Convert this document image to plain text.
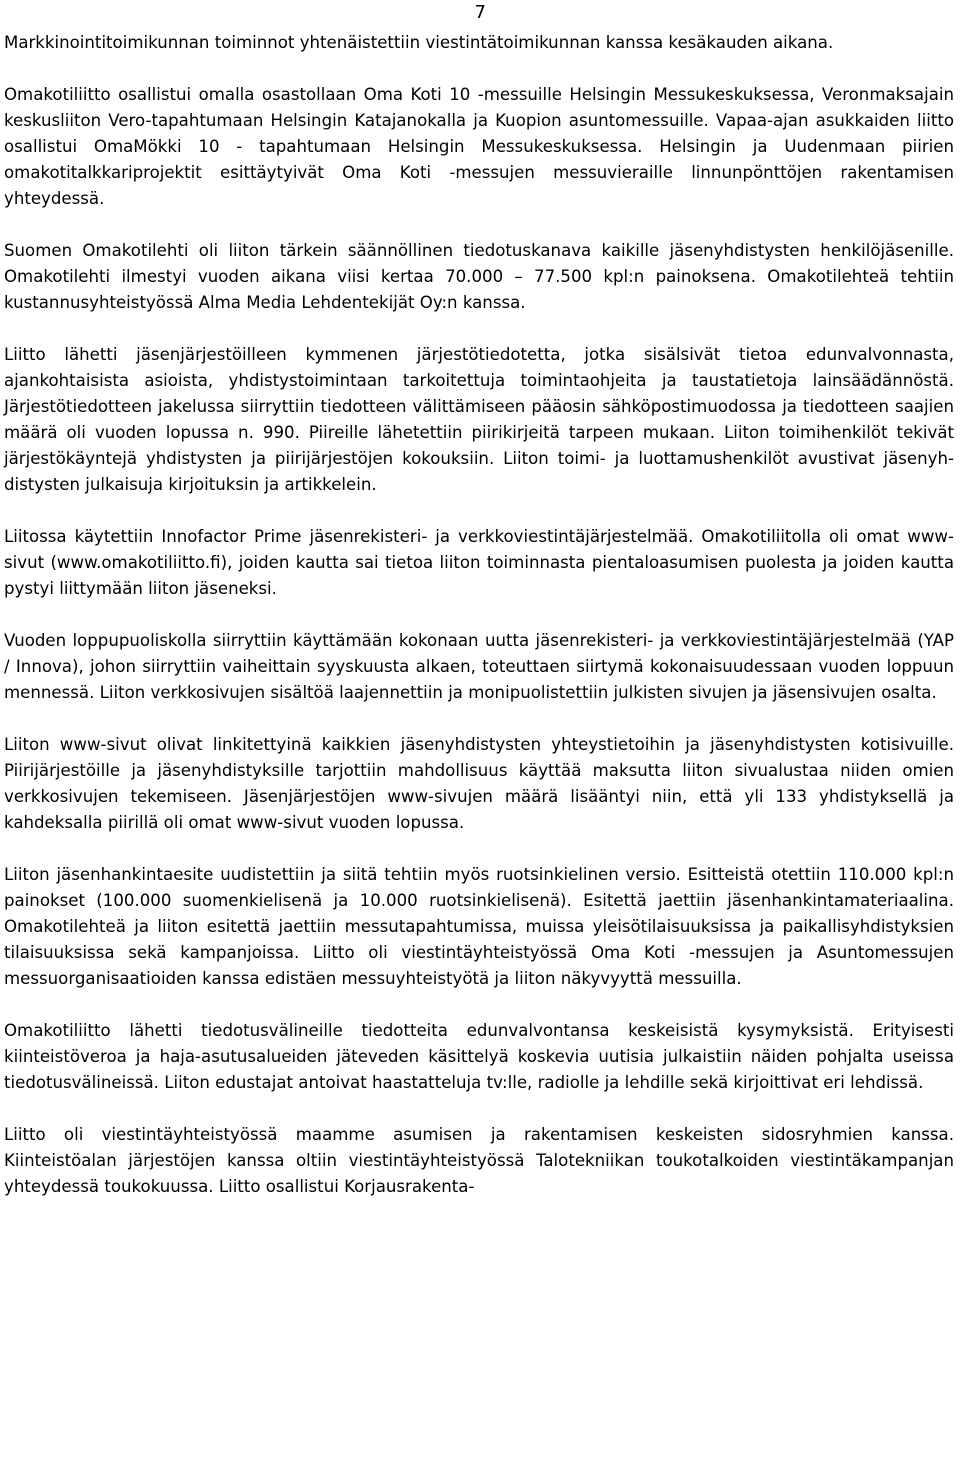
7

Markkinointitoimikunnan toiminnot yhtenäistettiin viestintätoimikunnan kanssa kesäkauden aikana.

Omakotiliitto osallistui omalla osastollaan Oma Koti 10 -messuille Helsingin Messukeskuksessa, Veronmaksajain keskusliiton Vero-tapahtumaan Helsingin Katajanokalla ja Kuopion asuntomessuille. Vapaa-ajan asukkaiden liitto osallistui OmaMökki 10 - tapahtumaan Helsingin Messukeskuksessa. Helsingin ja Uudenmaan piirien omakotitalkkariprojektit esittäytyivät Oma Koti -messujen messuvieraille linnunpönttöjen rakentamisen yhteydessä.

Suomen Omakotilehti oli liiton tärkein säännöllinen tiedotuskanava kaikille jäsenyhdistysten henkilöjäsenille. Omakotilehti ilmestyi vuoden aikana viisi kertaa 70.000 – 77.500 kpl:n painoksena. Omakotilehteä tehtiin kustannusyhteistyössä Alma Media Lehdentekijät Oy:n kanssa.

Liitto lähetti jäsenjärjestöilleen kymmenen järjestötiedotetta, jotka sisälsivät tietoa edunvalvonnasta, ajankohtaisista asioista, yhdistystoimintaan tarkoitettuja toimintaohjeita ja taustatietoja lainsäädännöstä. Järjestötiedotteen jakelussa siirryttiin tiedotteen välittämiseen pääosin sähköpostimuodossa ja tiedotteen saajien määrä oli vuoden lopussa n. 990. Piireille lähetettiin piirikirjeitä tarpeen mukaan. Liiton toimihenkilöt tekivät järjestökäyntejä yhdistysten ja piirijärjestöjen kokouksiin. Liiton toimi- ja luottamushenkilöt avustivat jäsenyhdistysten julkaisuja kirjoituksin ja artikkelein.

Liitossa käytettiin Innofactor Prime jäsenrekisteri- ja verkkoviestintäjärjestelmää. Omakotiliitolla oli omat www-sivut (www.omakotiliitto.fi), joiden kautta sai tietoa liiton toiminnasta pientaloasumisen puolesta ja joiden kautta pystyi liittymään liiton jäseneksi.

Vuoden loppupuoliskolla siirryttiin käyttämään kokonaan uutta jäsenrekisteri- ja verkkoviestintäjärjestelmää (YAP / Innova), johon siirryttiin vaiheittain syyskuusta alkaen, toteuttaen siirtymä kokonaisuudessaan vuoden loppuun mennessä. Liiton verkkosivujen sisältöä laajennettiin ja monipuolistettiin julkisten sivujen ja jäsensivujen osalta.

Liiton www-sivut olivat linkitettyinä kaikkien jäsenyhdistysten yhteystietoihin ja jäsenyhdistysten kotisivuille. Piirijärjestöille ja jäsenyhdistyksille tarjottiin mahdollisuus käyttää maksutta liiton sivualustaa niiden omien verkkosivujen tekemiseen. Jäsenjärjestöjen www-sivujen määrä lisääntyi niin, että yli 133 yhdistyksellä ja kahdeksalla piirillä oli omat www-sivut vuoden lopussa.

Liiton jäsenhankintaesite uudistettiin ja siitä tehtiin myös ruotsinkielinen versio. Esitteistä otettiin 110.000 kpl:n painokset (100.000 suomenkielisenä ja 10.000 ruotsinkielisenä). Esitettä jaettiin jäsenhankintamateriaalina. Omakotilehteä ja liiton esitettä jaettiin messutapahtumissa, muissa yleisötilaisuuksissa ja paikallisyhdistyksien tilaisuuksissa sekä kampanjoissa. Liitto oli viestintäyhteistyössä Oma Koti -messujen ja Asuntomessujen messuorganisaatioiden kanssa edistäen messuyhteistyötä ja liiton näkyvyyttä messuilla.

Omakotiliitto lähetti tiedotusvälineille tiedotteita edunvalvontansa keskeisistä kysymyksistä. Erityisesti kiinteistöveroa ja haja-asutusalueiden jäteveden käsittelyä koskevia uutisia julkaistiin näiden pohjalta useissa tiedotusvälineissä. Liiton edustajat antoivat haastatteluja tv:lle, radiolle ja lehdille sekä kirjoittivat eri lehdissä.

Liitto oli viestintäyhteistyössä maamme asumisen ja rakentamisen keskeisten sidosryhmien kanssa. Kiinteistöalan järjestöjen kanssa oltiin viestintäyhteistyössä Talotekniikan toukotalkoiden viestintäkampanjan yhteydessä toukokuussa. Liitto osallistui Korjausrakenta-
